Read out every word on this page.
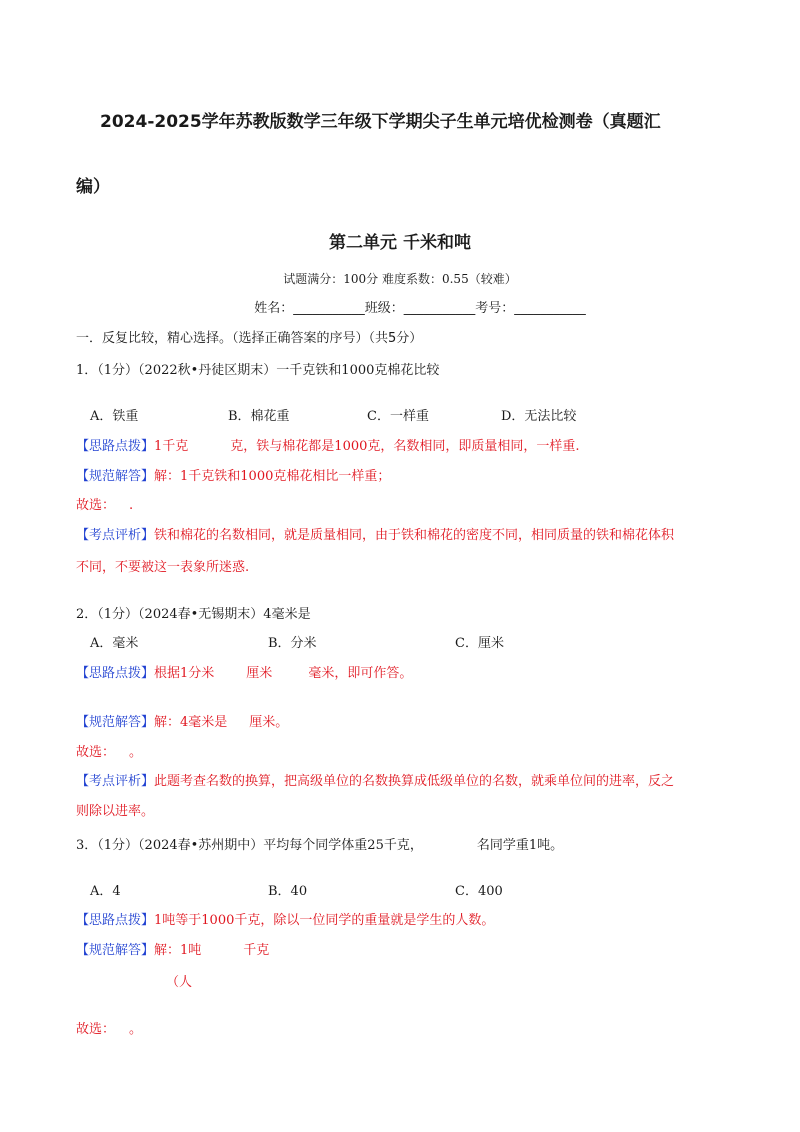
2024-2025学年苏教版数学三年级下学期尖子生单元培优检测卷（真题汇
编）
第二单元 千米和吨
试题满分：100分 难度系数：0.55（较难）
姓名：___________班级：___________考号：___________
一．反复比较，精心选择。（选择正确答案的序号）（共5分）
1．（1分）（2022秋•丹徒区期末）一千克铁和1000克棉花比较
A．铁重	B．棉花重	C．一样重	D．无法比较
【思路点拨】1千克	克，铁与棉花都是1000克，名数相同，即质量相同，一样重.
【规范解答】解：1千克铁和1000克棉花相比一样重；
故选： .
【考点评析】铁和棉花的名数相同，就是质量相同，由于铁和棉花的密度不同，相同质量的铁和棉花体积
不同，不要被这一表象所迷惑.
2．（1分）（2024春•无锡期末）4毫米是
A．毫米	B．分米	C．厘米
【思路点拨】根据1分米 厘米	毫米，即可作答。
【规范解答】解：4毫米是 厘米。
故选： 。
【考点评析】此题考查名数的换算，把高级单位的名数换算成低级单位的名数，就乘单位间的进率，反之
则除以进率。
3．（1分）（2024春•苏州期中）平均每个同学体重25千克，	名同学重1吨。
A．4	B．40	C．400
【思路点拨】1吨等于1000千克，除以一位同学的重量就是学生的人数。
【规范解答】解：1吨	千克
（人
故选： 。
